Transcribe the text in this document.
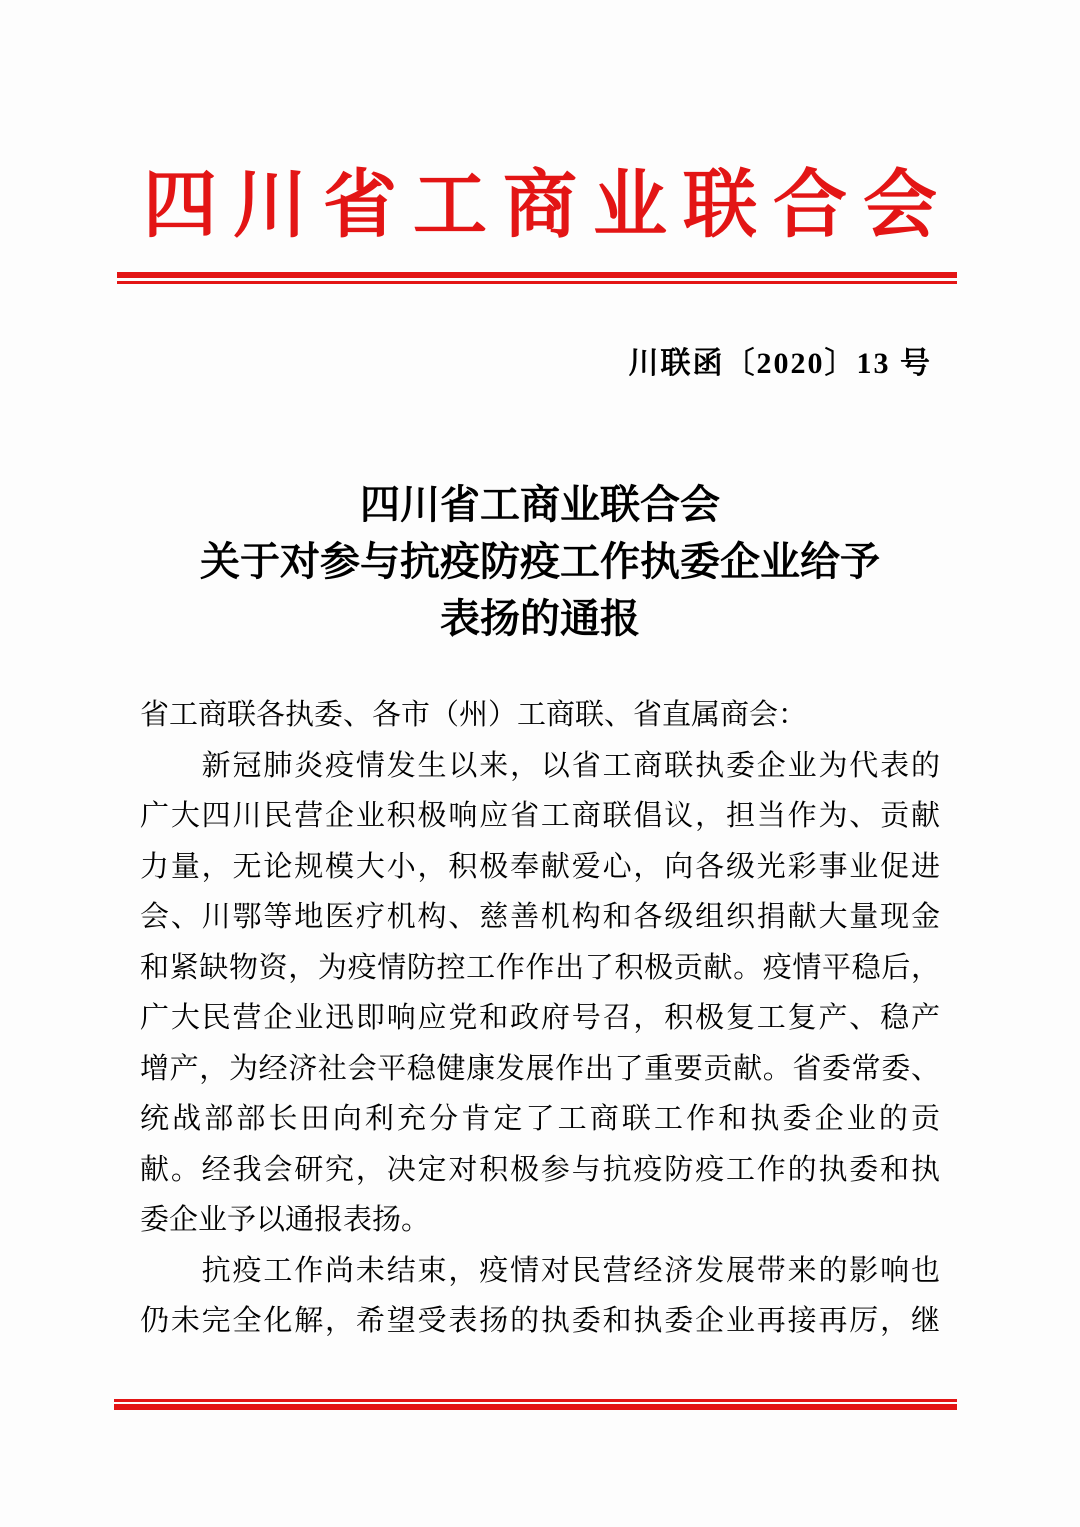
四川省工商业联合会
川联函〔2020〕13 号
四川省工商业联合会
关于对参与抗疫防疫工作执委企业给予
表扬的通报
省工商联各执委、各市（州）工商联、省直属商会：
　　新冠肺炎疫情发生以来，以省工商联执委企业为代表的
广大四川民营企业积极响应省工商联倡议，担当作为、贡献
力量，无论规模大小，积极奉献爱心，向各级光彩事业促进
会、川鄂等地医疗机构、慈善机构和各级组织捐献大量现金
和紧缺物资，为疫情防控工作作出了积极贡献。疫情平稳后，
广大民营企业迅即响应党和政府号召，积极复工复产、稳产
增产，为经济社会平稳健康发展作出了重要贡献。省委常委、
统战部部长田向利充分肯定了工商联工作和执委企业的贡
献。经我会研究，决定对积极参与抗疫防疫工作的执委和执
委企业予以通报表扬。
　　抗疫工作尚未结束，疫情对民营经济发展带来的影响也
仍未完全化解，希望受表扬的执委和执委企业再接再厉，继
